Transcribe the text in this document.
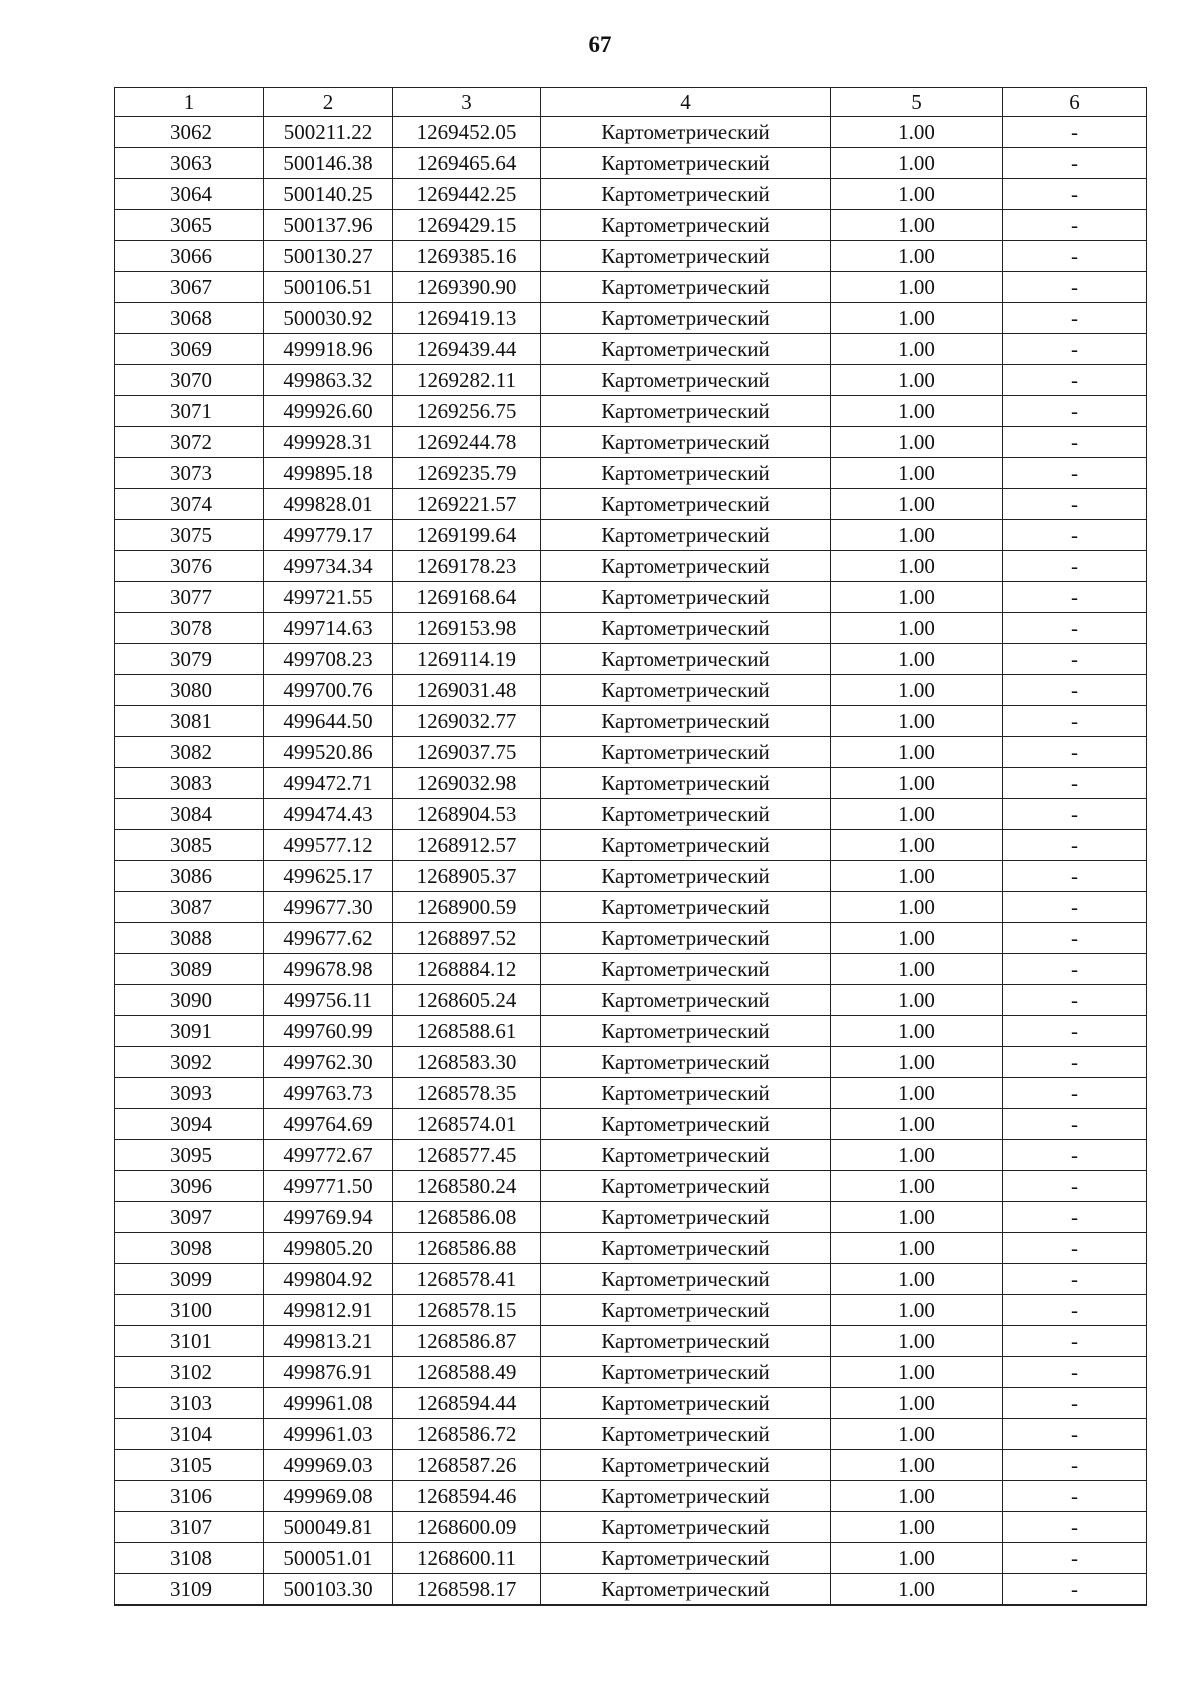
67
1	2	3	4	5	6
3062	500211.22	1269452.05	Картометрический	1.00	-
3063	500146.38	1269465.64	Картометрический	1.00	-
3064	500140.25	1269442.25	Картометрический	1.00	-
3065	500137.96	1269429.15	Картометрический	1.00	-
3066	500130.27	1269385.16	Картометрический	1.00	-
3067	500106.51	1269390.90	Картометрический	1.00	-
3068	500030.92	1269419.13	Картометрический	1.00	-
3069	499918.96	1269439.44	Картометрический	1.00	-
3070	499863.32	1269282.11	Картометрический	1.00	-
3071	499926.60	1269256.75	Картометрический	1.00	-
3072	499928.31	1269244.78	Картометрический	1.00	-
3073	499895.18	1269235.79	Картометрический	1.00	-
3074	499828.01	1269221.57	Картометрический	1.00	-
3075	499779.17	1269199.64	Картометрический	1.00	-
3076	499734.34	1269178.23	Картометрический	1.00	-
3077	499721.55	1269168.64	Картометрический	1.00	-
3078	499714.63	1269153.98	Картометрический	1.00	-
3079	499708.23	1269114.19	Картометрический	1.00	-
3080	499700.76	1269031.48	Картометрический	1.00	-
3081	499644.50	1269032.77	Картометрический	1.00	-
3082	499520.86	1269037.75	Картометрический	1.00	-
3083	499472.71	1269032.98	Картометрический	1.00	-
3084	499474.43	1268904.53	Картометрический	1.00	-
3085	499577.12	1268912.57	Картометрический	1.00	-
3086	499625.17	1268905.37	Картометрический	1.00	-
3087	499677.30	1268900.59	Картометрический	1.00	-
3088	499677.62	1268897.52	Картометрический	1.00	-
3089	499678.98	1268884.12	Картометрический	1.00	-
3090	499756.11	1268605.24	Картометрический	1.00	-
3091	499760.99	1268588.61	Картометрический	1.00	-
3092	499762.30	1268583.30	Картометрический	1.00	-
3093	499763.73	1268578.35	Картометрический	1.00	-
3094	499764.69	1268574.01	Картометрический	1.00	-
3095	499772.67	1268577.45	Картометрический	1.00	-
3096	499771.50	1268580.24	Картометрический	1.00	-
3097	499769.94	1268586.08	Картометрический	1.00	-
3098	499805.20	1268586.88	Картометрический	1.00	-
3099	499804.92	1268578.41	Картометрический	1.00	-
3100	499812.91	1268578.15	Картометрический	1.00	-
3101	499813.21	1268586.87	Картометрический	1.00	-
3102	499876.91	1268588.49	Картометрический	1.00	-
3103	499961.08	1268594.44	Картометрический	1.00	-
3104	499961.03	1268586.72	Картометрический	1.00	-
3105	499969.03	1268587.26	Картометрический	1.00	-
3106	499969.08	1268594.46	Картометрический	1.00	-
3107	500049.81	1268600.09	Картометрический	1.00	-
3108	500051.01	1268600.11	Картометрический	1.00	-
3109	500103.30	1268598.17	Картометрический	1.00	-
